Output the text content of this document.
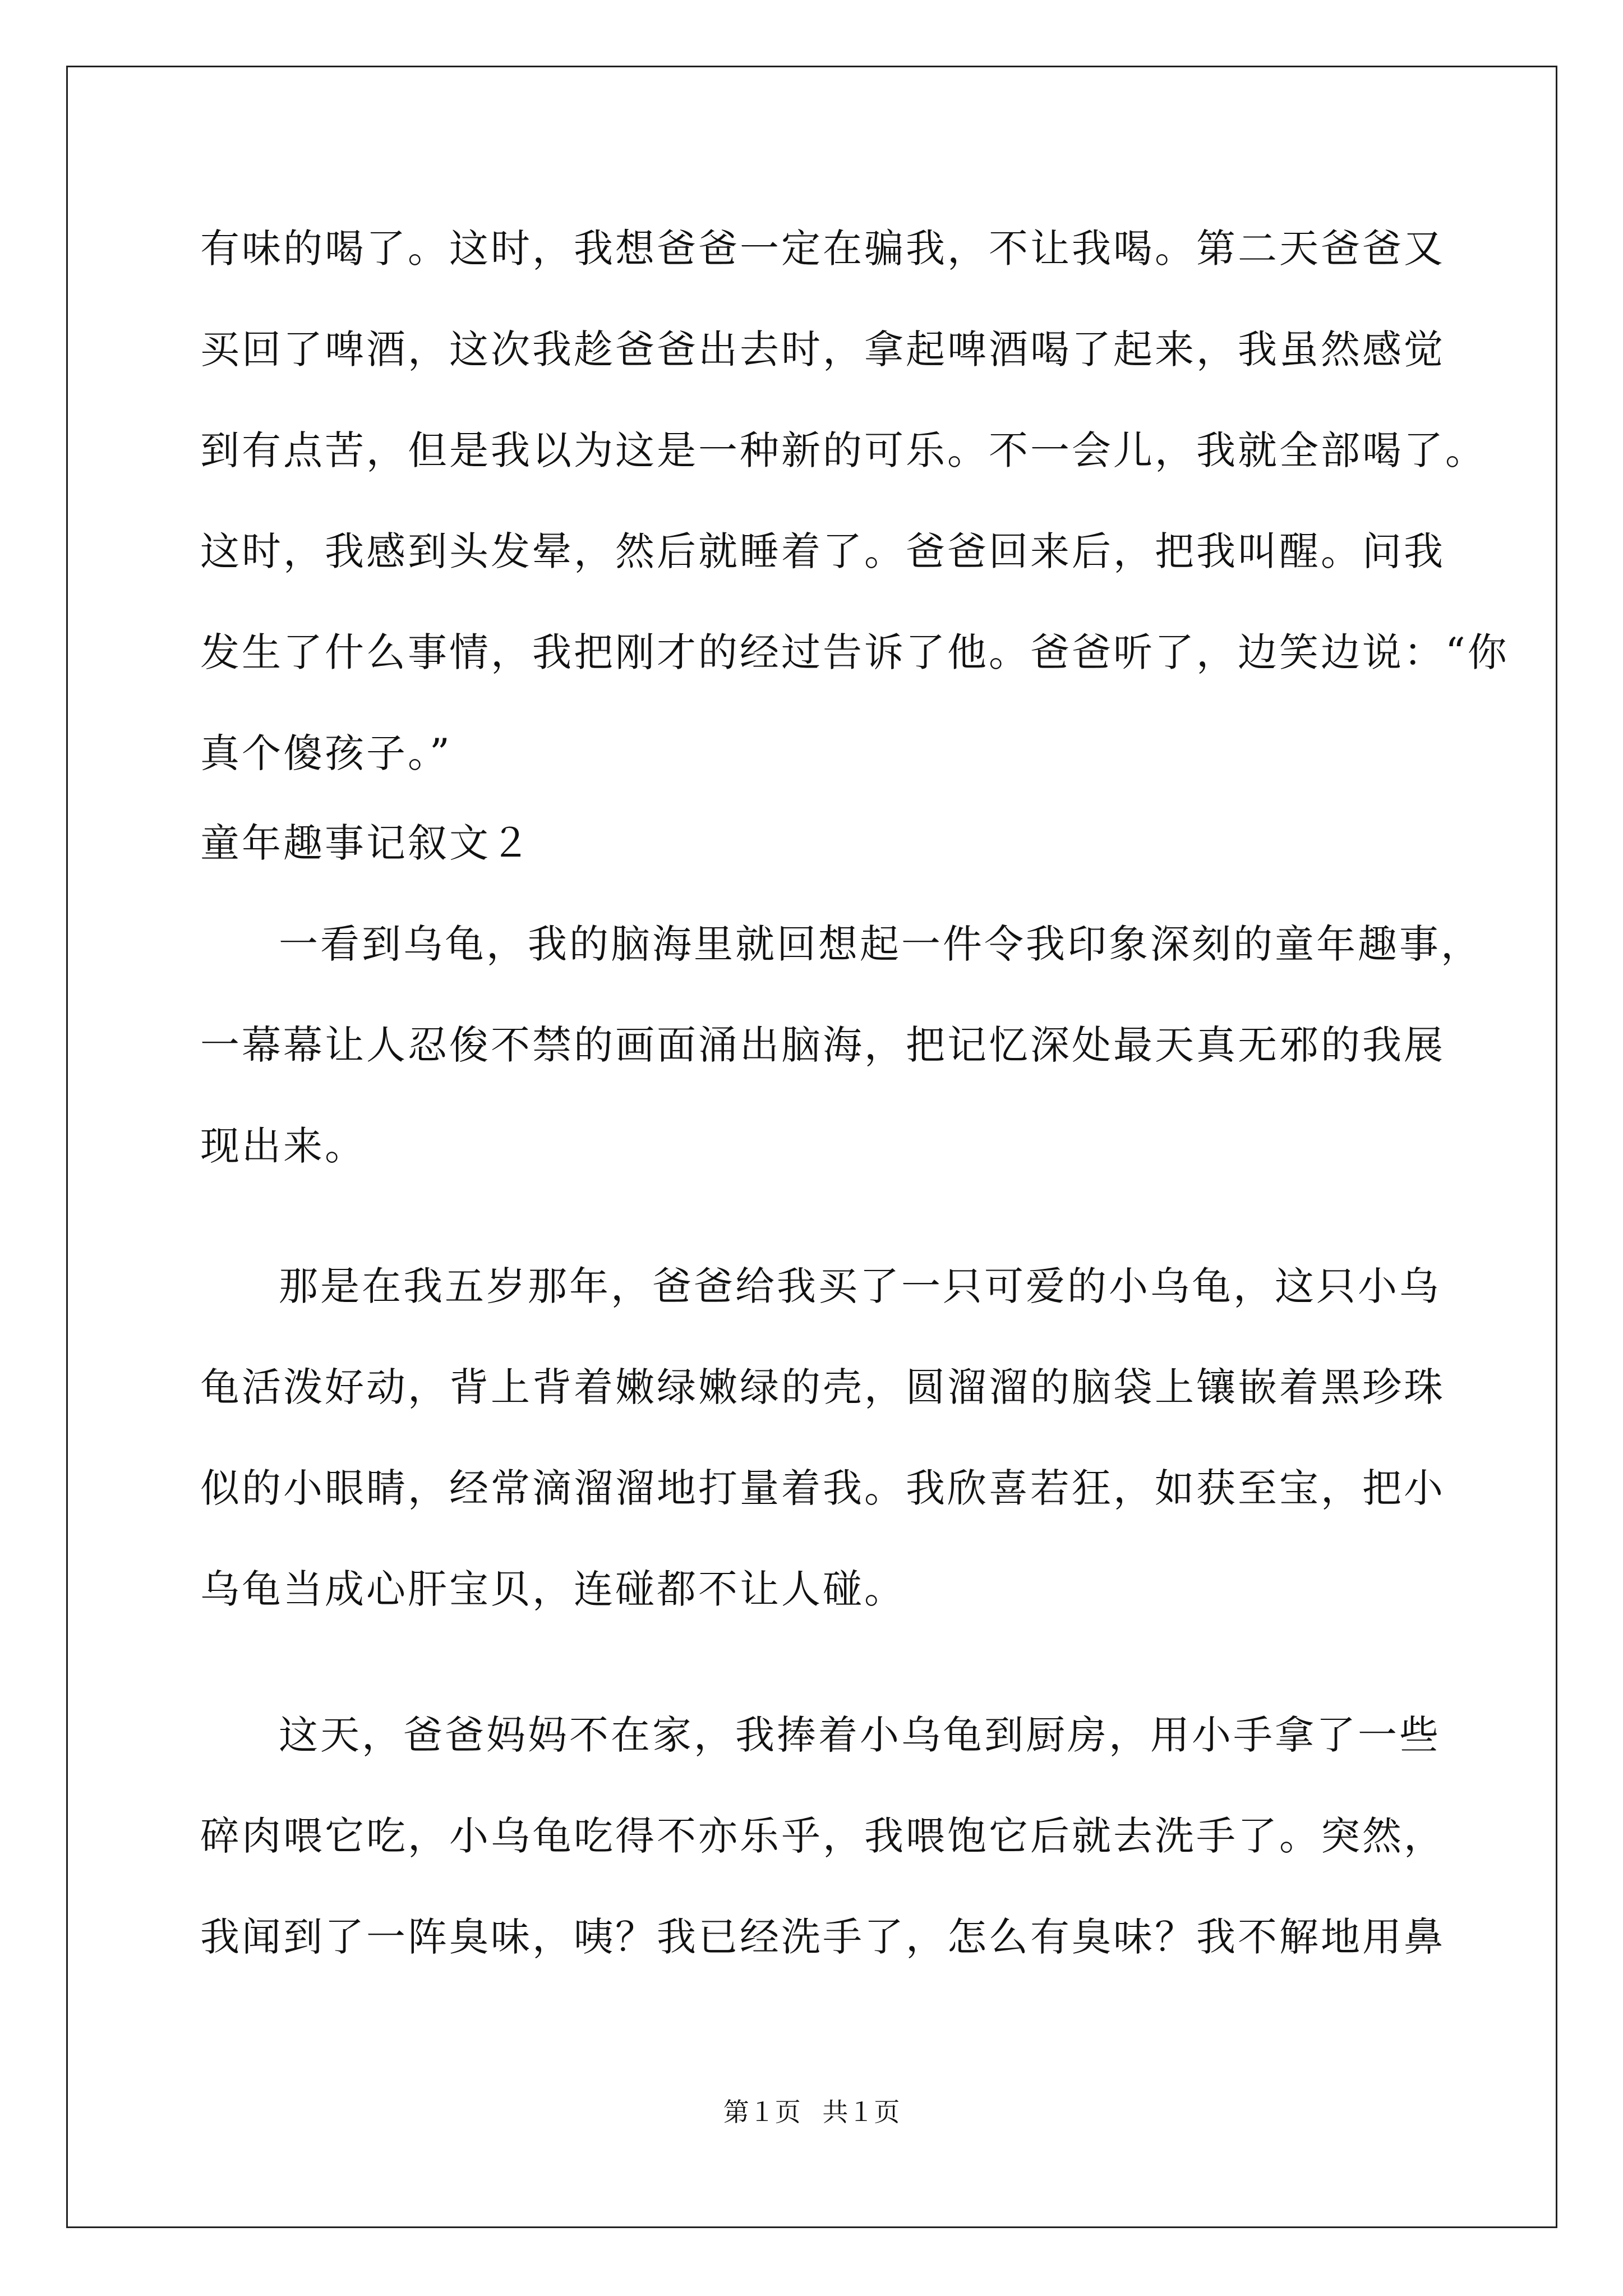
有味的喝了。这时，我想爸爸一定在骗我，不让我喝。第二天爸爸又
买回了啤酒，这次我趁爸爸出去时，拿起啤酒喝了起来，我虽然感觉
到有点苦，但是我以为这是一种新的可乐。不一会儿，我就全部喝了。
这时，我感到头发晕，然后就睡着了。爸爸回来后，把我叫醒。问我
发生了什么事情，我把刚才的经过告诉了他。爸爸听了，边笑边说：“你
真个傻孩子。”
童年趣事记叙文２
一看到乌龟，我的脑海里就回想起一件令我印象深刻的童年趣事，
一幕幕让人忍俊不禁的画面涌出脑海，把记忆深处最天真无邪的我展
现出来。
那是在我五岁那年，爸爸给我买了一只可爱的小乌龟，这只小乌
龟活泼好动，背上背着嫩绿嫩绿的壳，圆溜溜的脑袋上镶嵌着黑珍珠
似的小眼睛，经常滴溜溜地打量着我。我欣喜若狂，如获至宝，把小
乌龟当成心肝宝贝，连碰都不让人碰。
这天，爸爸妈妈不在家，我捧着小乌龟到厨房，用小手拿了一些
碎肉喂它吃，小乌龟吃得不亦乐乎，我喂饱它后就去洗手了。突然，
我闻到了一阵臭味，咦？我已经洗手了，怎么有臭味？我不解地用鼻
第１页 共１页
